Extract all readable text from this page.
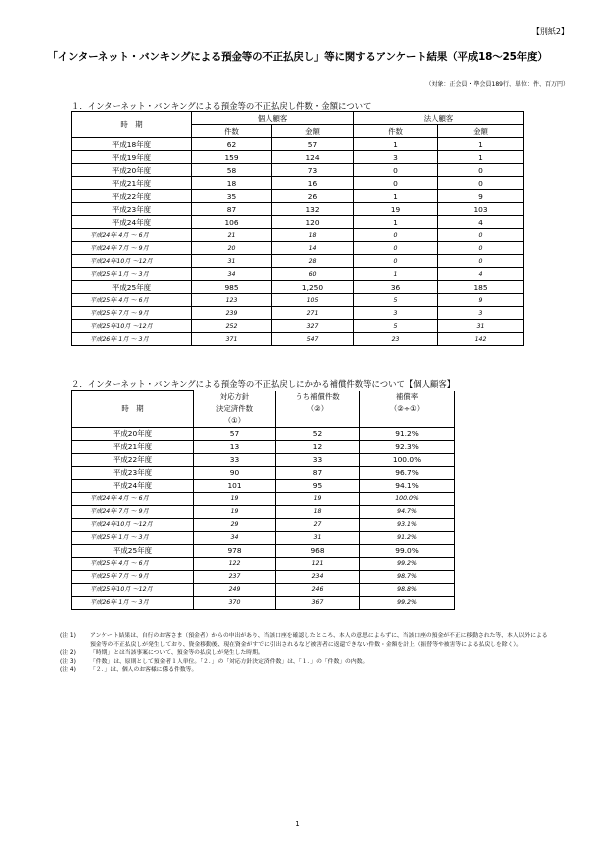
【別紙2】
「インターネット・バンキングによる預金等の不正払戻し」等に関するアンケート結果（平成18～25年度）
（対象：正会員・準会員189行、単位：件、百万円）
１．インターネット・バンキングによる預金等の不正払戻し件数・金額について
時　期	個人顧客		法人顧客	
	件数	金額	件数	金額
平成18年度	62	57	1	1
平成19年度	159	124	3	1
平成20年度	58	73	0	0
平成21年度	18	16	0	0
平成22年度	35	26	1	9
平成23年度	87	132	19	103
平成24年度	106	120	1	4
平成24年 4月 ～ 6月	21	18	0	0
平成24年 7月 ～ 9月	20	14	0	0
平成24年10月 ～12月	31	28	0	0
平成25年 1月 ～ 3月	34	60	1	4
平成25年度	985	1,250	36	185
平成25年 4月 ～ 6月	123	105	5	9
平成25年 7月 ～ 9月	239	271	3	3
平成25年10月 ～12月	252	327	5	31
平成26年 1月 ～ 3月	371	547	23	142
２．インターネット・バンキングによる預金等の不正払戻しにかかる補償件数等について【個人顧客】
時　期	対応方針	うち補償件数	補償率
	決定済件数	（②）	（②÷①）
	（①）		
平成20年度	57	52	91.2%
平成21年度	13	12	92.3%
平成22年度	33	33	100.0%
平成23年度	90	87	96.7%
平成24年度	101	95	94.1%
平成24年 4月 ～ 6月	19	19	100.0%
平成24年 7月 ～ 9月	19	18	94.7%
平成24年10月 ～12月	29	27	93.1%
平成25年 1月 ～ 3月	34	31	91.2%
平成25年度	978	968	99.0%
平成25年 4月 ～ 6月	122	121	99.2%
平成25年 7月 ～ 9月	237	234	98.7%
平成25年10月 ～12月	249	246	98.8%
平成26年 1月 ～ 3月	370	367	99.2%
(注 1)	アンケート結果は、自行のお客さま（預金者）からの申出があり、当該口座を確認したところ、本人の意思によらずに、当該口座の預金が不正に移動された等、本人以外による預金等の不正払戻しが発生しており、資金移動後、現在資金がすでに引出されるなど被害者に返還できない件数・金額を計上（振替等や被害等による払戻しを除く）。
(注 2)	「時期」とは当該事案について、預金等の払戻しが発生した時期。
(注 3)	「件数」は、原則として預金者１人単位。「２．」の「対応方針決定済件数」は、「１．」の「件数」の内数。
(注 4)	「２．」は、個人のお客様に係る件数等。
1
